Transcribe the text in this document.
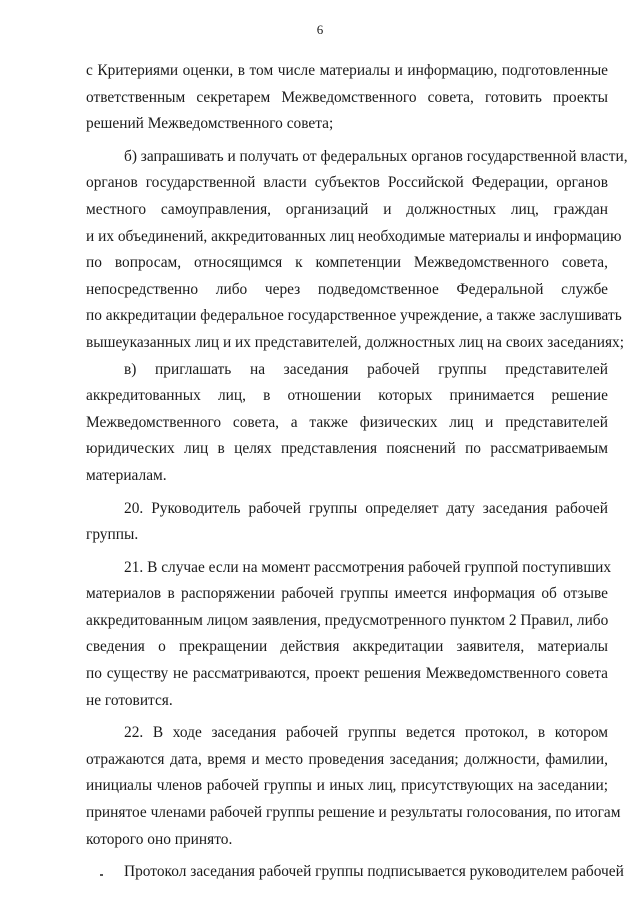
6
с Критериями оценки, в том числе материалы и информацию, подготовленные
ответственным секретарем Межведомственного совета, готовить проекты
решений Межведомственного совета;
б) запрашивать и получать от федеральных органов государственной власти,
органов государственной власти субъектов Российской Федерации, органов
местного самоуправления, организаций и должностных лиц, граждан
и их объединений, аккредитованных лиц необходимые материалы и информацию
по вопросам, относящимся к компетенции Межведомственного совета,
непосредственно либо через подведомственное Федеральной службе
по аккредитации федеральное государственное учреждение, а также заслушивать
вышеуказанных лиц и их представителей, должностных лиц на своих заседаниях;
в) приглашать на заседания рабочей группы представителей
аккредитованных лиц, в отношении которых принимается решение
Межведомственного совета, а также физических лиц и представителей
юридических лиц в целях представления пояснений по рассматриваемым
материалам.
20. Руководитель рабочей группы определяет дату заседания рабочей
группы.
21. В случае если на момент рассмотрения рабочей группой поступивших
материалов в распоряжении рабочей группы имеется информация об отзыве
аккредитованным лицом заявления, предусмотренного пунктом 2 Правил, либо
сведения о прекращении действия аккредитации заявителя, материалы
по существу не рассматриваются, проект решения Межведомственного совета
не готовится.
22. В ходе заседания рабочей группы ведется протокол, в котором
отражаются дата, время и место проведения заседания; должности, фамилии,
инициалы членов рабочей группы и иных лиц, присутствующих на заседании;
принятое членами рабочей группы решение и результаты голосования, по итогам
которого оно принято.
Протокол заседания рабочей группы подписывается руководителем рабочей
